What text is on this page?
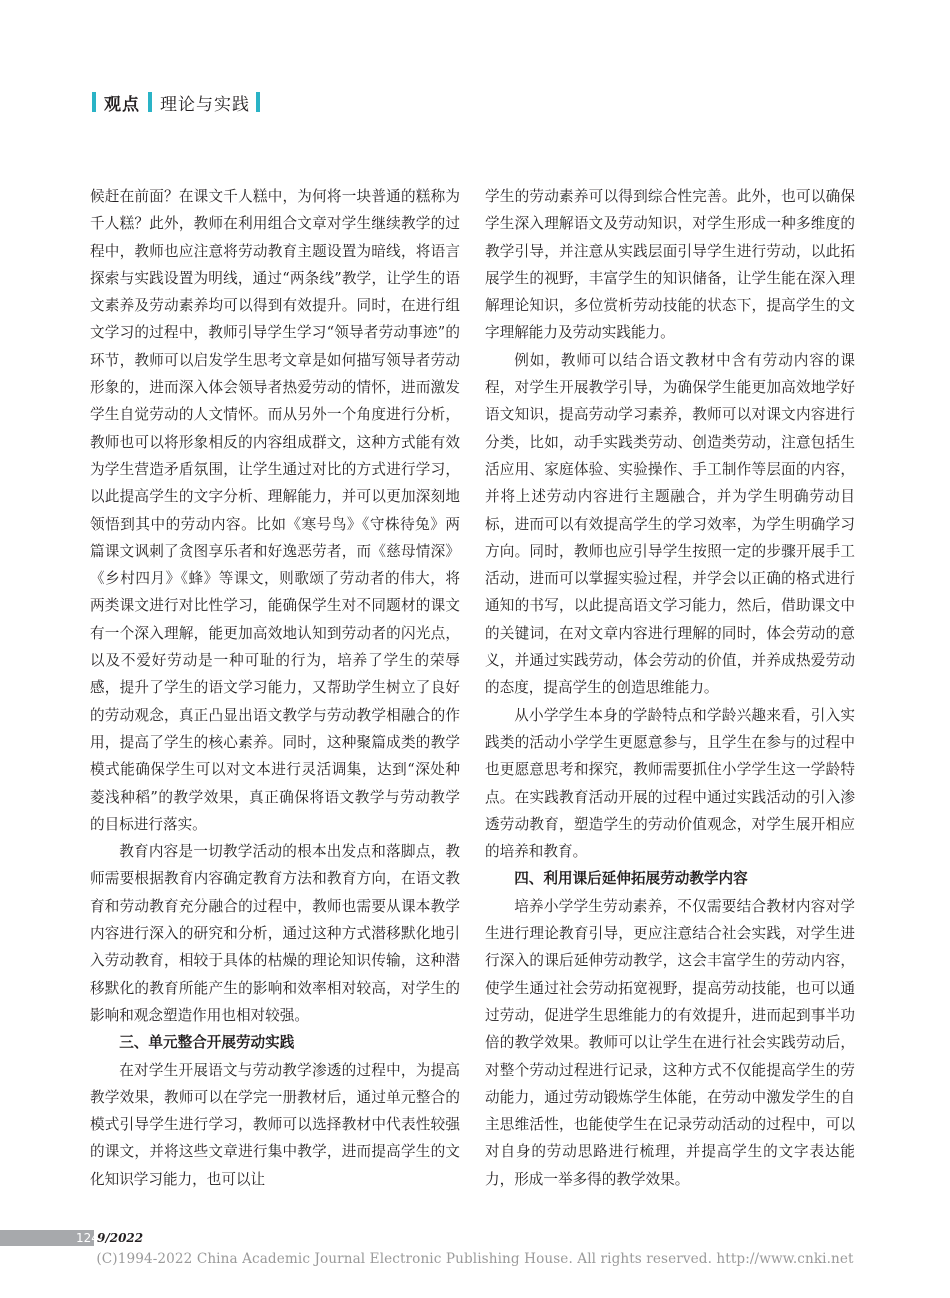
观点 理论与实践

候赶在前面？在课文千人糕中，为何将一块普通的糕称为千人糕？此外，教师在利用组合文章对学生继续教学的过程中，教师也应注意将劳动教育主题设置为暗线，将语言探索与实践设置为明线，通过“两条线”教学，让学生的语文素养及劳动素养均可以得到有效提升。同时，在进行组文学习的过程中，教师引导学生学习“领导者劳动事迹”的环节，教师可以启发学生思考文章是如何描写领导者劳动形象的，进而深入体会领导者热爱劳动的情怀，进而激发学生自觉劳动的人文情怀。而从另外一个角度进行分析，教师也可以将形象相反的内容组成群文，这种方式能有效为学生营造矛盾氛围，让学生通过对比的方式进行学习，以此提高学生的文字分析、理解能力，并可以更加深刻地领悟到其中的劳动内容。比如《寒号鸟》《守株待兔》两篇课文讽刺了贪图享乐者和好逸恶劳者，而《慈母情深》《乡村四月》《蜂》等课文，则歌颂了劳动者的伟大，将两类课文进行对比性学习，能确保学生对不同题材的课文有一个深入理解，能更加高效地认知到劳动者的闪光点，以及不爱好劳动是一种可耻的行为，培养了学生的荣辱感，提升了学生的语文学习能力，又帮助学生树立了良好的劳动观念，真正凸显出语文教学与劳动教学相融合的作用，提高了学生的核心素养。同时，这种聚篇成类的教学模式能确保学生可以对文本进行灵活调集，达到“深处种菱浅种稻”的教学效果，真正确保将语文教学与劳动教学的目标进行落实。

教育内容是一切教学活动的根本出发点和落脚点，教师需要根据教育内容确定教育方法和教育方向，在语文教育和劳动教育充分融合的过程中，教师也需要从课本教学内容进行深入的研究和分析，通过这种方式潜移默化地引入劳动教育，相较于具体的枯燥的理论知识传输，这种潜移默化的教育所能产生的影响和效率相对较高，对学生的影响和观念塑造作用也相对较强。

三、单元整合开展劳动实践

在对学生开展语文与劳动教学渗透的过程中，为提高教学效果，教师可以在学完一册教材后，通过单元整合的模式引导学生进行学习，教师可以选择教材中代表性较强的课文，并将这些文章进行集中教学，进而提高学生的文化知识学习能力，也可以让

学生的劳动素养可以得到综合性完善。此外，也可以确保学生深入理解语文及劳动知识，对学生形成一种多维度的教学引导，并注意从实践层面引导学生进行劳动，以此拓展学生的视野，丰富学生的知识储备，让学生能在深入理解理论知识，多位赏析劳动技能的状态下，提高学生的文字理解能力及劳动实践能力。

例如，教师可以结合语文教材中含有劳动内容的课程，对学生开展教学引导，为确保学生能更加高效地学好语文知识，提高劳动学习素养，教师可以对课文内容进行分类，比如，动手实践类劳动、创造类劳动，注意包括生活应用、家庭体验、实验操作、手工制作等层面的内容，并将上述劳动内容进行主题融合，并为学生明确劳动目标，进而可以有效提高学生的学习效率，为学生明确学习方向。同时，教师也应引导学生按照一定的步骤开展手工活动，进而可以掌握实验过程，并学会以正确的格式进行通知的书写，以此提高语文学习能力，然后，借助课文中的关键词，在对文章内容进行理解的同时，体会劳动的意义，并通过实践劳动，体会劳动的价值，并养成热爱劳动的态度，提高学生的创造思维能力。

从小学学生本身的学龄特点和学龄兴趣来看，引入实践类的活动小学学生更愿意参与，且学生在参与的过程中也更愿意思考和探究，教师需要抓住小学学生这一学龄特点。在实践教育活动开展的过程中通过实践活动的引入渗透劳动教育，塑造学生的劳动价值观念，对学生展开相应的培养和教育。

四、利用课后延伸拓展劳动教学内容

培养小学学生劳动素养，不仅需要结合教材内容对学生进行理论教育引导，更应注意结合社会实践，对学生进行深入的课后延伸劳动教学，这会丰富学生的劳动内容，使学生通过社会劳动拓宽视野，提高劳动技能，也可以通过劳动，促进学生思维能力的有效提升，进而起到事半功倍的教学效果。教师可以让学生在进行社会实践劳动后，对整个劳动过程进行记录，这种方式不仅能提高学生的劳动能力，通过劳动锻炼学生体能，在劳动中激发学生的自主思维活性，也能使学生在记录劳动活动的过程中，可以对自身的劳动思路进行梳理，并提高学生的文字表达能力，形成一举多得的教学效果。

124
9/2022
(C)1994-2022 China Academic Journal Electronic Publishing House. All rights reserved. http://www.cnki.net
